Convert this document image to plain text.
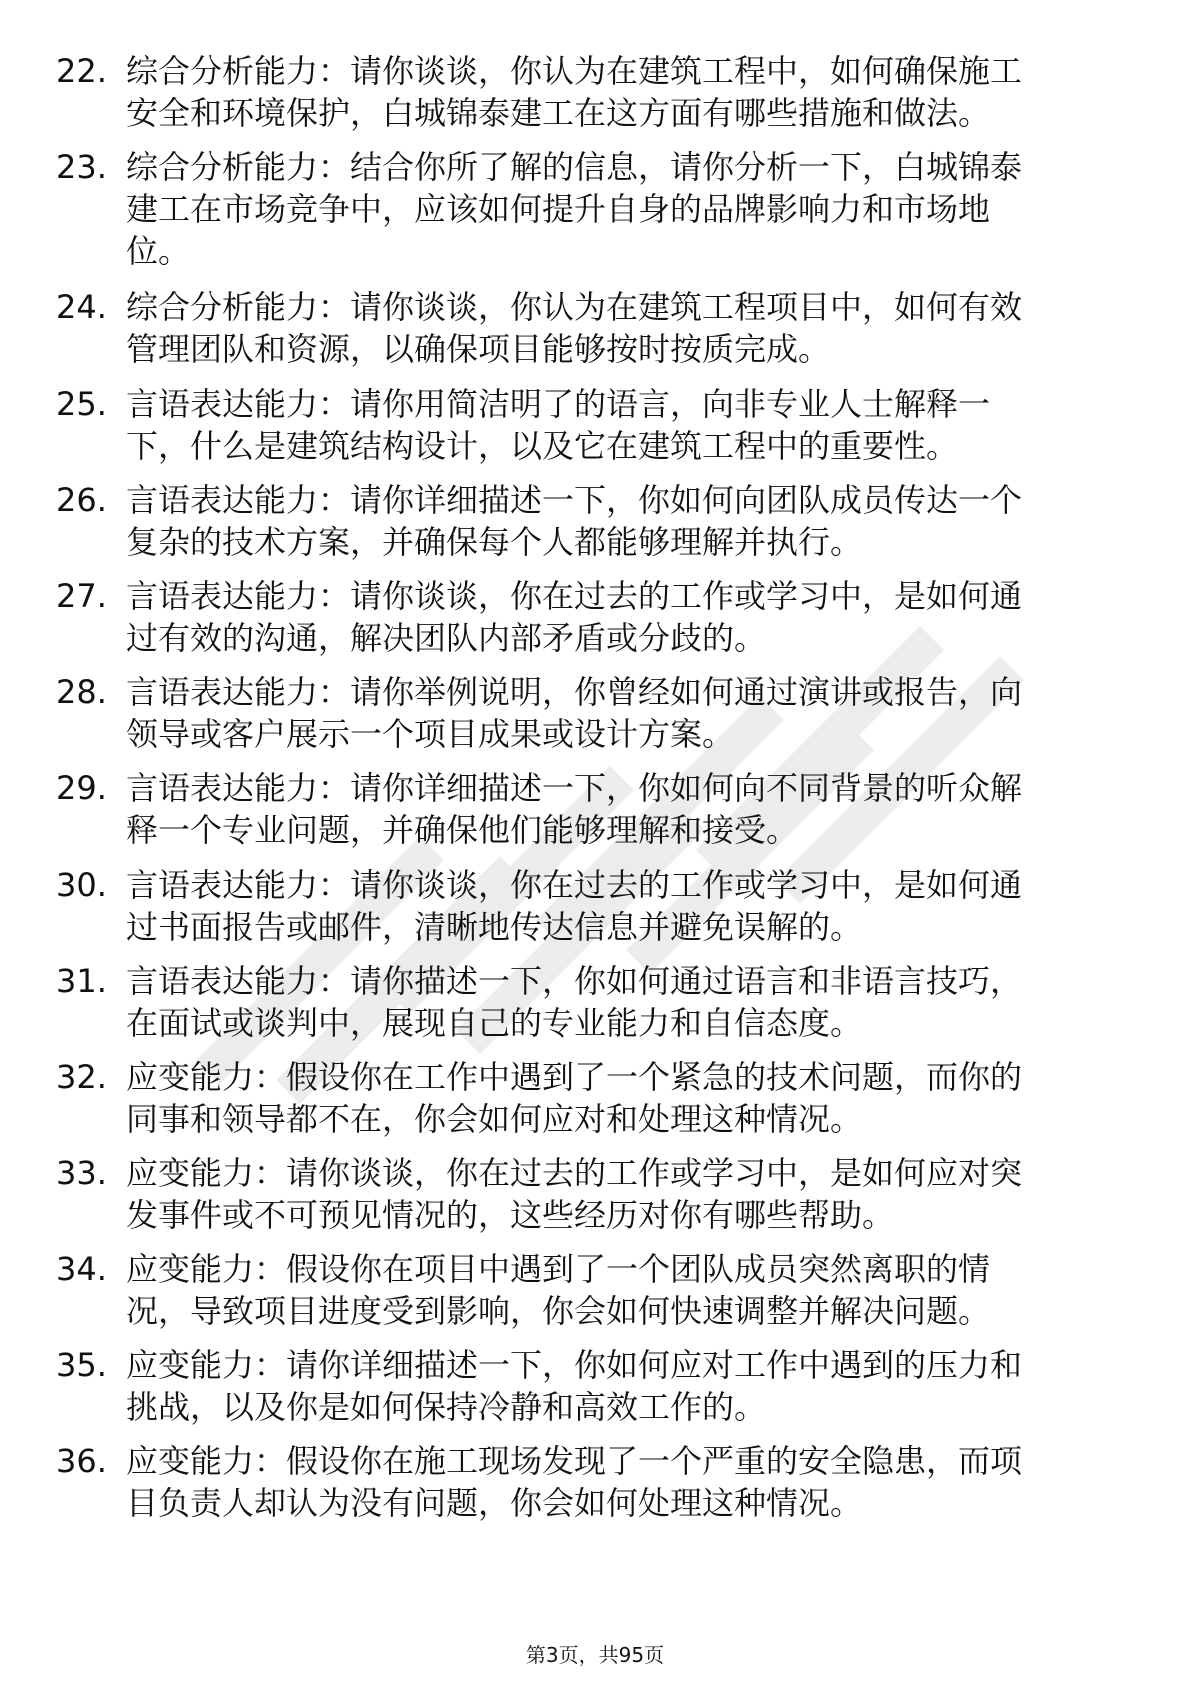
22. 综合分析能力：请你谈谈，你认为在建筑工程中，如何确保施工
安全和环境保护，白城锦泰建工在这方面有哪些措施和做法。
23. 综合分析能力：结合你所了解的信息，请你分析一下，白城锦泰
建工在市场竞争中，应该如何提升自身的品牌影响力和市场地
位。
24. 综合分析能力：请你谈谈，你认为在建筑工程项目中，如何有效
管理团队和资源，以确保项目能够按时按质完成。
25. 言语表达能力：请你用简洁明了的语言，向非专业人士解释一
下，什么是建筑结构设计，以及它在建筑工程中的重要性。
26. 言语表达能力：请你详细描述一下，你如何向团队成员传达一个
复杂的技术方案，并确保每个人都能够理解并执行。
27. 言语表达能力：请你谈谈，你在过去的工作或学习中，是如何通
过有效的沟通，解决团队内部矛盾或分歧的。
28. 言语表达能力：请你举例说明，你曾经如何通过演讲或报告，向
领导或客户展示一个项目成果或设计方案。
29. 言语表达能力：请你详细描述一下，你如何向不同背景的听众解
释一个专业问题，并确保他们能够理解和接受。
30. 言语表达能力：请你谈谈，你在过去的工作或学习中，是如何通
过书面报告或邮件，清晰地传达信息并避免误解的。
31. 言语表达能力：请你描述一下，你如何通过语言和非语言技巧，
在面试或谈判中，展现自己的专业能力和自信态度。
32. 应变能力：假设你在工作中遇到了一个紧急的技术问题，而你的
同事和领导都不在，你会如何应对和处理这种情况。
33. 应变能力：请你谈谈，你在过去的工作或学习中，是如何应对突
发事件或不可预见情况的，这些经历对你有哪些帮助。
34. 应变能力：假设你在项目中遇到了一个团队成员突然离职的情
况，导致项目进度受到影响，你会如何快速调整并解决问题。
35. 应变能力：请你详细描述一下，你如何应对工作中遇到的压力和
挑战，以及你是如何保持冷静和高效工作的。
36. 应变能力：假设你在施工现场发现了一个严重的安全隐患，而项
目负责人却认为没有问题，你会如何处理这种情况。
第3页，共95页
